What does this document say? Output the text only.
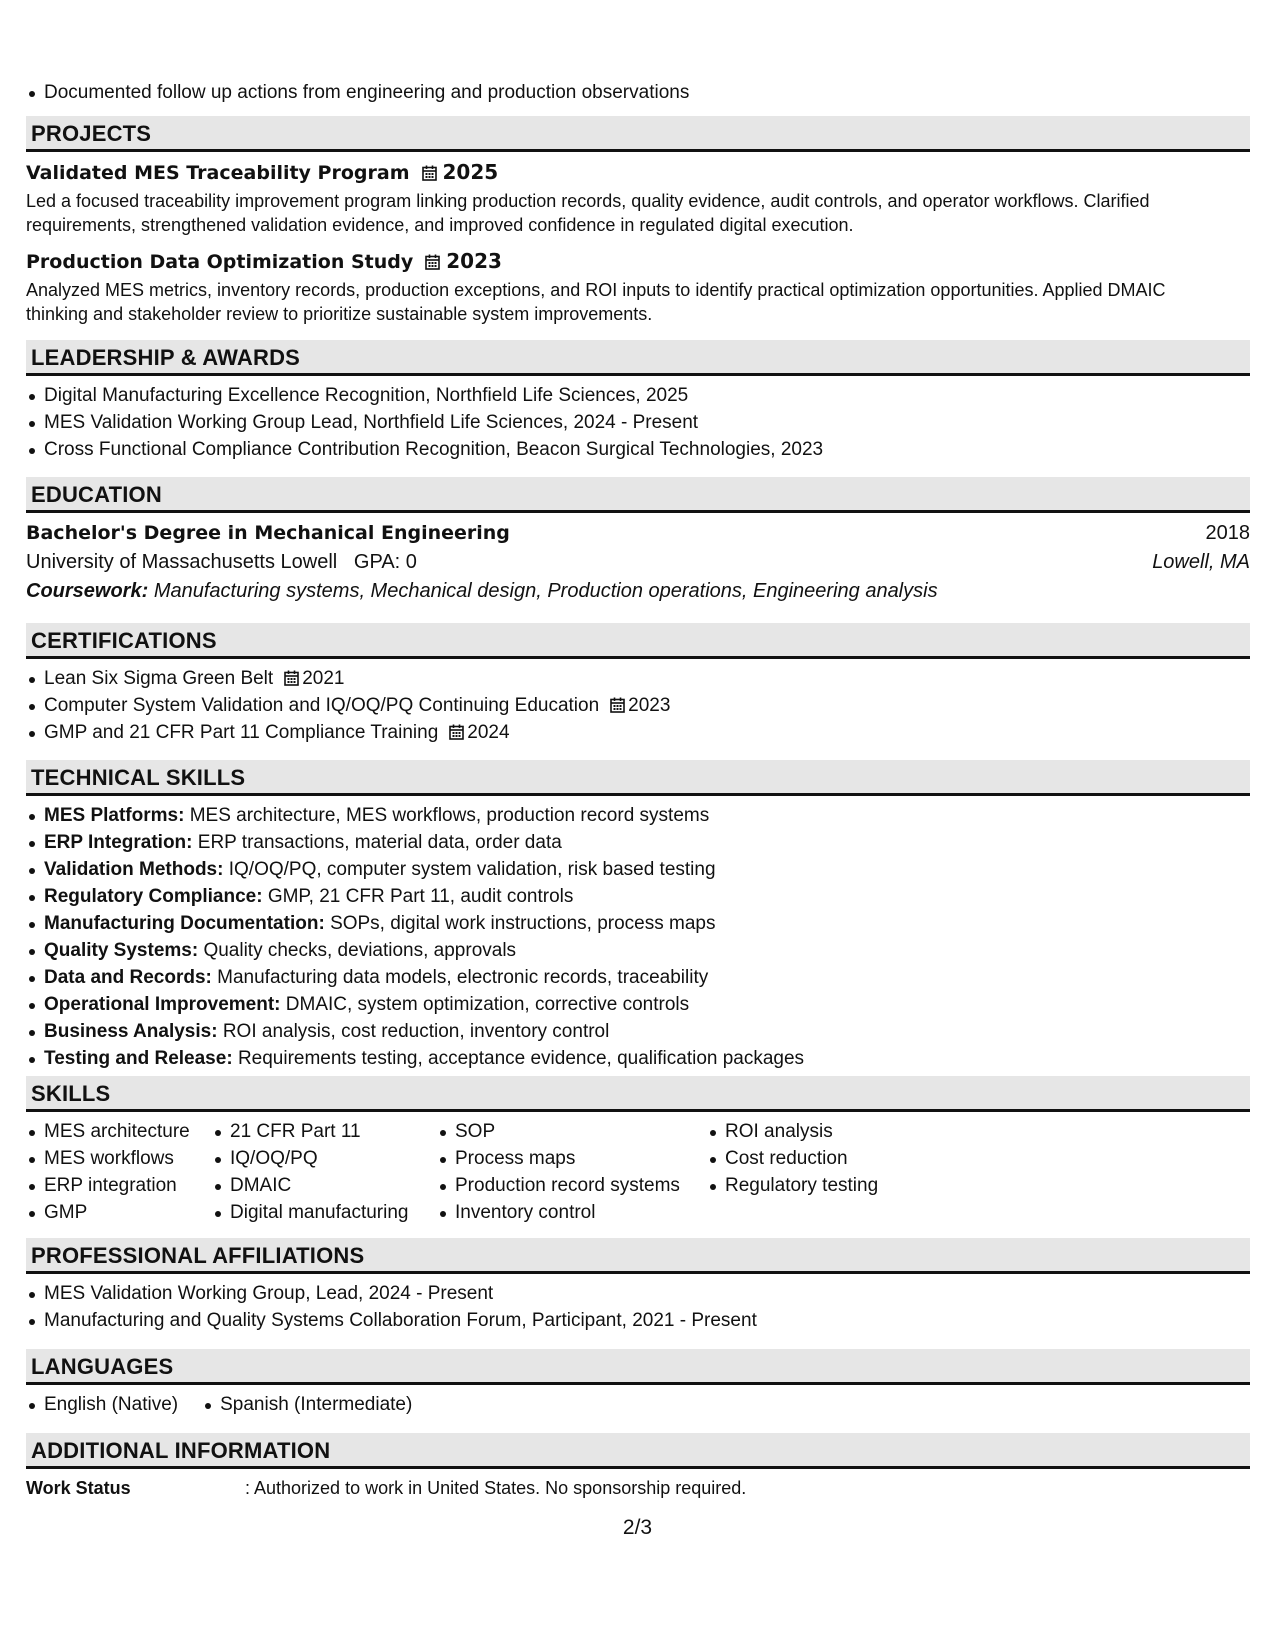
Documented follow up actions from engineering and production observations
PROJECTS
Validated MES Traceability Program 2025
Led a focused traceability improvement program linking production records, quality evidence, audit controls, and operator workflows. Clarified
requirements, strengthened validation evidence, and improved confidence in regulated digital execution.
Production Data Optimization Study 2023
Analyzed MES metrics, inventory records, production exceptions, and ROI inputs to identify practical optimization opportunities. Applied DMAIC
thinking and stakeholder review to prioritize sustainable system improvements.
LEADERSHIP & AWARDS
Digital Manufacturing Excellence Recognition, Northfield Life Sciences, 2025
MES Validation Working Group Lead, Northfield Life Sciences, 2024 - Present
Cross Functional Compliance Contribution Recognition, Beacon Surgical Technologies, 2023
EDUCATION
Bachelor's Degree in Mechanical Engineering	2018
University of Massachusetts Lowell GPA: 0	Lowell, MA
Coursework: Manufacturing systems, Mechanical design, Production operations, Engineering analysis
CERTIFICATIONS
Lean Six Sigma Green Belt 2021
Computer System Validation and IQ/OQ/PQ Continuing Education 2023
GMP and 21 CFR Part 11 Compliance Training 2024
TECHNICAL SKILLS
MES Platforms: MES architecture, MES workflows, production record systems
ERP Integration: ERP transactions, material data, order data
Validation Methods: IQ/OQ/PQ, computer system validation, risk based testing
Regulatory Compliance: GMP, 21 CFR Part 11, audit controls
Manufacturing Documentation: SOPs, digital work instructions, process maps
Quality Systems: Quality checks, deviations, approvals
Data and Records: Manufacturing data models, electronic records, traceability
Operational Improvement: DMAIC, system optimization, corrective controls
Business Analysis: ROI analysis, cost reduction, inventory control
Testing and Release: Requirements testing, acceptance evidence, qualification packages
SKILLS
MES architecture
MES workflows
ERP integration
GMP
21 CFR Part 11
IQ/OQ/PQ
DMAIC
Digital manufacturing
SOP
Process maps
Production record systems
Inventory control
ROI analysis
Cost reduction
Regulatory testing
PROFESSIONAL AFFILIATIONS
MES Validation Working Group, Lead, 2024 - Present
Manufacturing and Quality Systems Collaboration Forum, Participant, 2021 - Present
LANGUAGES
English (Native)	Spanish (Intermediate)
ADDITIONAL INFORMATION
Work Status	: Authorized to work in United States. No sponsorship required.
2/3
